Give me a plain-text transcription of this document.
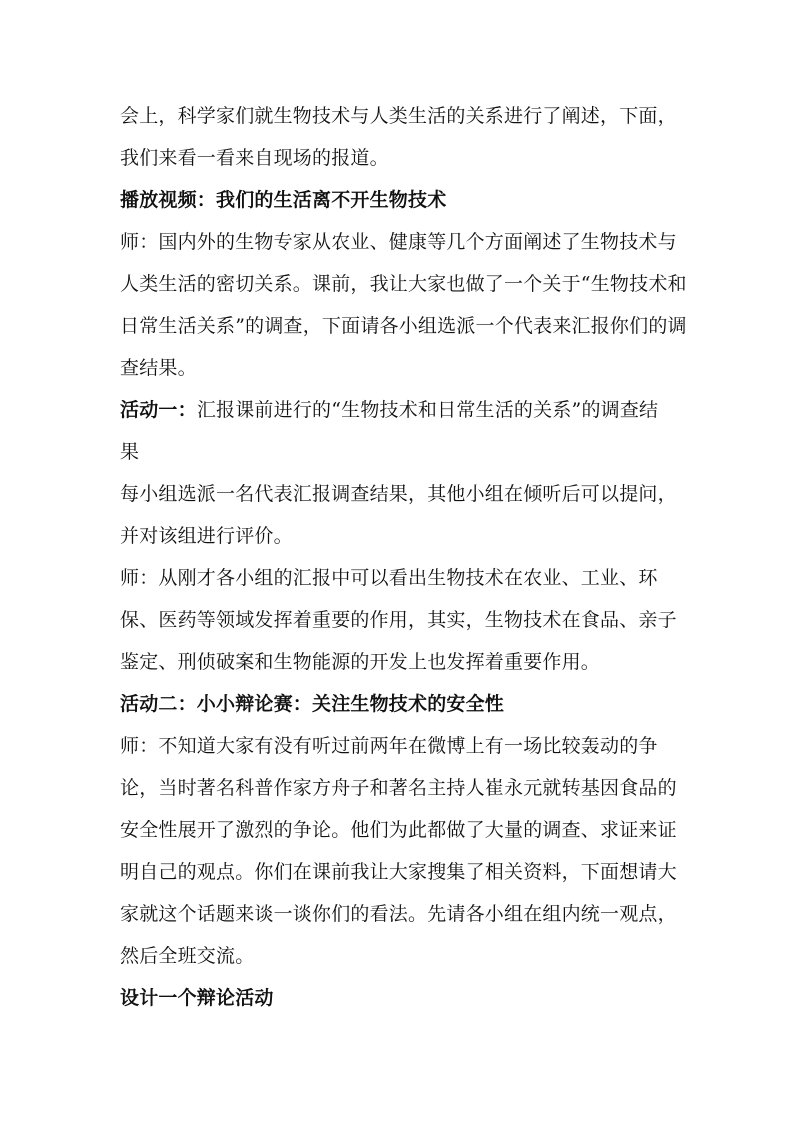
会上，科学家们就生物技术与人类生活的关系进行了阐述，下面，
我们来看一看来自现场的报道。
播放视频：我们的生活离不开生物技术
师：国内外的生物专家从农业、健康等几个方面阐述了生物技术与
人类生活的密切关系。课前，我让大家也做了一个关于“生物技术和
日常生活关系”的调查，下面请各小组选派一个代表来汇报你们的调
查结果。
活动一：汇报课前进行的“生物技术和日常生活的关系”的调查结
果
每小组选派一名代表汇报调查结果，其他小组在倾听后可以提问，
并对该组进行评价。
师：从刚才各小组的汇报中可以看出生物技术在农业、工业、环
保、医药等领域发挥着重要的作用，其实，生物技术在食品、亲子
鉴定、刑侦破案和生物能源的开发上也发挥着重要作用。
活动二：小小辩论赛：关注生物技术的安全性
师：不知道大家有没有听过前两年在微博上有一场比较轰动的争
论，当时著名科普作家方舟子和著名主持人崔永元就转基因食品的
安全性展开了激烈的争论。他们为此都做了大量的调查、求证来证
明自己的观点。你们在课前我让大家搜集了相关资料，下面想请大
家就这个话题来谈一谈你们的看法。先请各小组在组内统一观点，
然后全班交流。
设计一个辩论活动
